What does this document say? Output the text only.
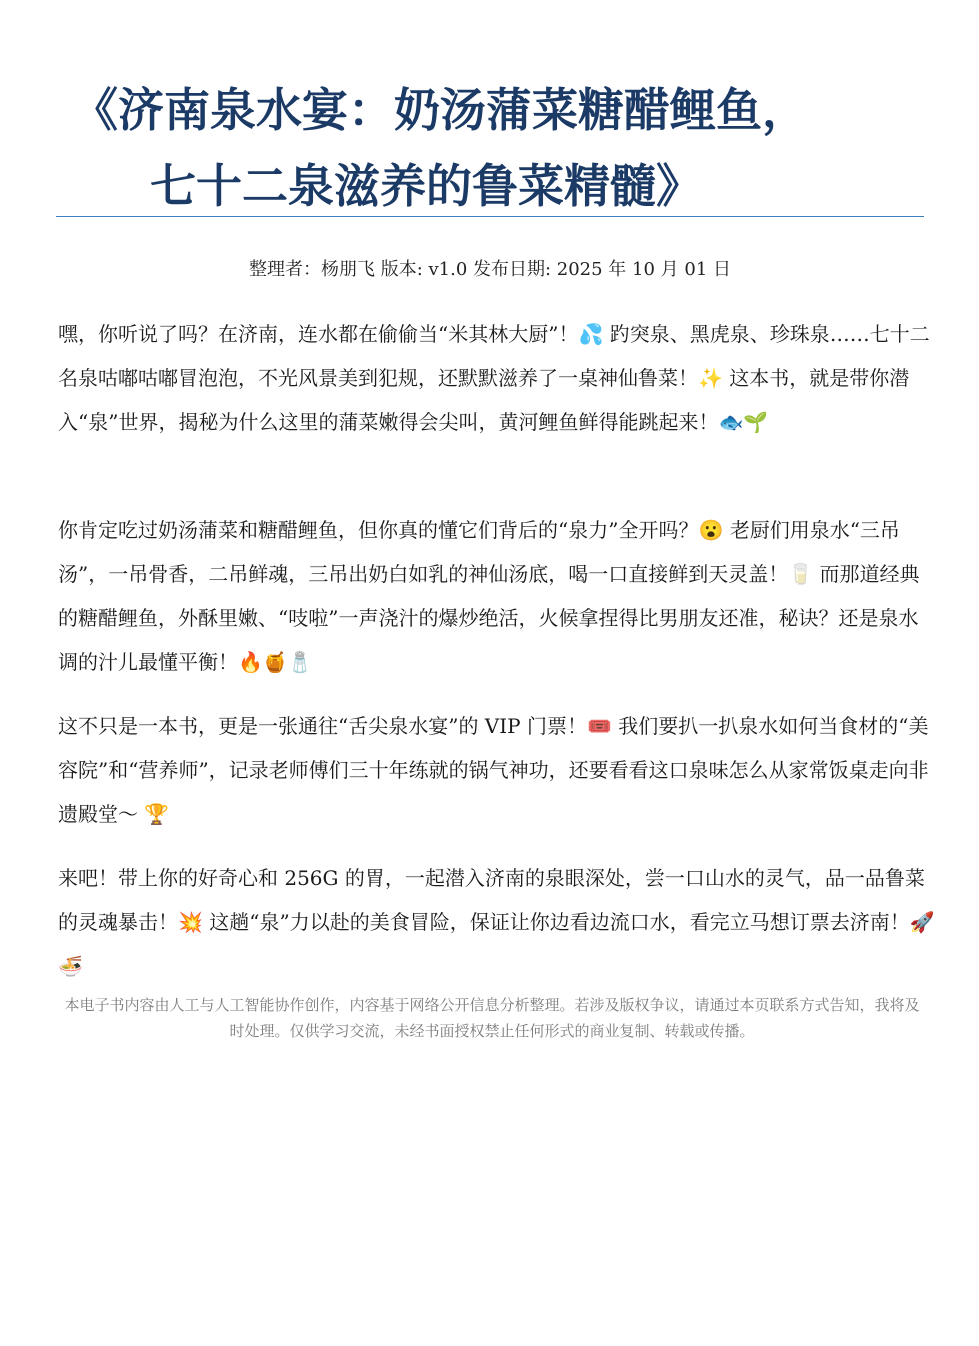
《济南泉水宴：奶汤蒲菜糖醋鲤鱼，
七十二泉滋养的鲁菜精髓》
整理者：杨朋飞 版本: v1.0 发布日期: 2025 年 10 月 01 日

嘿，你听说了吗？在济南，连水都在偷偷当“米其林大厨”！💦 趵突泉、黑虎泉、珍珠泉……七十二名泉咕嘟咕嘟冒泡泡，不光风景美到犯规，还默默滋养了一桌神仙鲁菜！✨ 这本书，就是带你潜入“泉”世界，揭秘为什么这里的蒲菜嫩得会尖叫，黄河鲤鱼鲜得能跳起来！🐟🌱

你肯定吃过奶汤蒲菜和糖醋鲤鱼，但你真的懂它们背后的“泉力”全开吗？😮 老厨们用泉水“三吊汤”，一吊骨香，二吊鲜魂，三吊出奶白如乳的神仙汤底，喝一口直接鲜到天灵盖！🥛 而那道经典的糖醋鲤鱼，外酥里嫩、“吱啦”一声浇汁的爆炒绝活，火候拿捏得比男朋友还准，秘诀？还是泉水调的汁儿最懂平衡！🔥🍯🧂

这不只是一本书，更是一张通往“舌尖泉水宴”的 VIP 门票！🎟️ 我们要扒一扒泉水如何当食材的“美容院”和“营养师”，记录老师傅们三十年练就的锅气神功，还要看看这口泉味怎么从家常饭桌走向非遗殿堂～ 🏆

来吧！带上你的好奇心和 256G 的胃，一起潜入济南的泉眼深处，尝一口山水的灵气，品一品鲁菜的灵魂暴击！💥 这趟“泉”力以赴的美食冒险，保证让你边看边流口水，看完立马想订票去济南！🚀🍜

本电子书内容由人工与人工智能协作创作，内容基于网络公开信息分析整理。若涉及版权争议，请通过本页联系方式告知，我将及时处理。仅供学习交流，未经书面授权禁止任何形式的商业复制、转载或传播。
